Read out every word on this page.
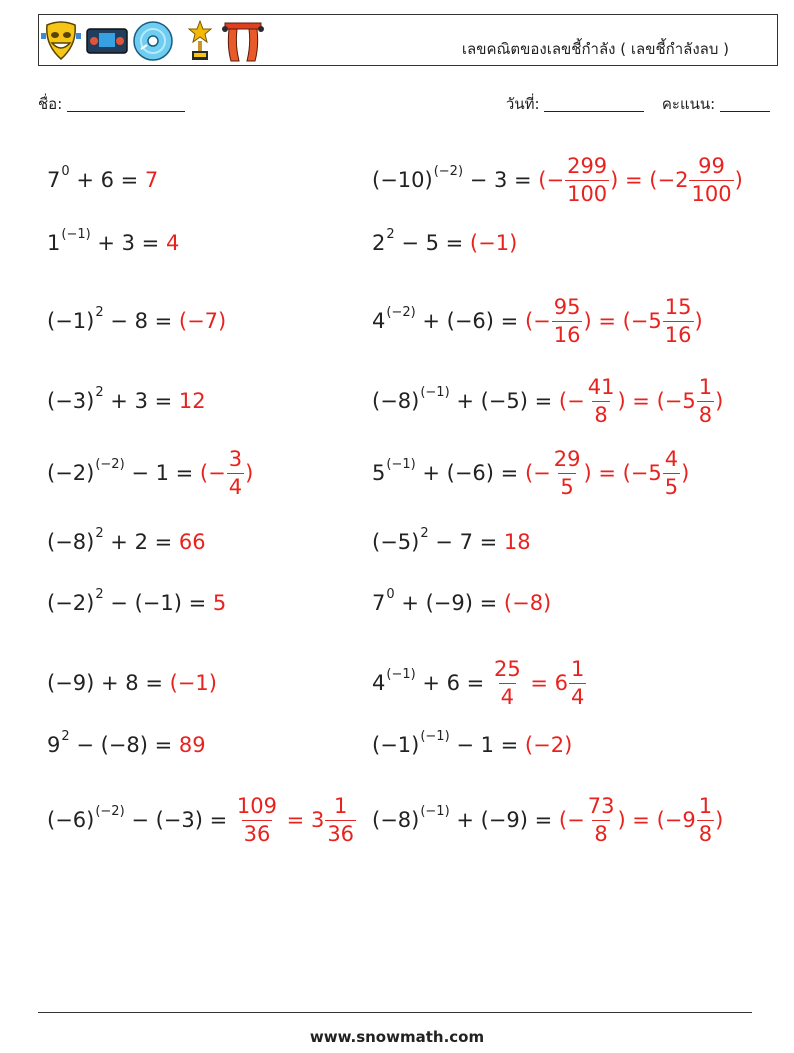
เลขคณิตของเลขชี้กำลัง ( เลขชี้กำลังลบ )
ชื่อ:	วันที่:	คะแนน:
$7^0 + 6 = 7$
$1^{(-1)} + 3 = 4$
$(-1)^2 - 8 = (-7)$
$(-3)^2 + 3 = 12$
$(-2)^{(-2)} - 1$ = (− $\frac{3}{4}$ )
$(-8)^2 + 2 = 66$
$(-2)^2 - (-1) = 5$
(−9) + 8 = (−1)
$9^2 - (-8) = 89$
$(-6)^{(-2)} - (-3) = \frac{109}{36} = 3 \frac{1}{36}$
$(-10)^{(-2)} - 3$ = (− $\frac{299}{100}$ ) = ($-2 \frac{99}{100}$ )
$2^2 - 5 = (-1)$
$4^{(-2)} + (-6)$ = (− $\frac{95}{16}$ ) = ($-5 \frac{15}{16}$ )
$(-8)^{(-1)} + (-5)$ = (− $\frac{41}{8}$ ) = ($-5 \frac{1}{8}$ )
$5^{(-1)} + (-6)$ = (− $\frac{29}{5}$ ) = ($-5 \frac{4}{5}$ )
$(-5)^2 - 7 = 18$
$7^0 + (-9) = (-8)$
$4^{(-1)} + 6 = \frac{25}{4} = 6 \frac{1}{4}$
$(-1)^{(-1)} - 1 = (-2)$
$(-8)^{(-1)} + (-9)$ = (− $\frac{73}{8}$ ) = ($-9 \frac{1}{8}$ )
www.snowmath.com
